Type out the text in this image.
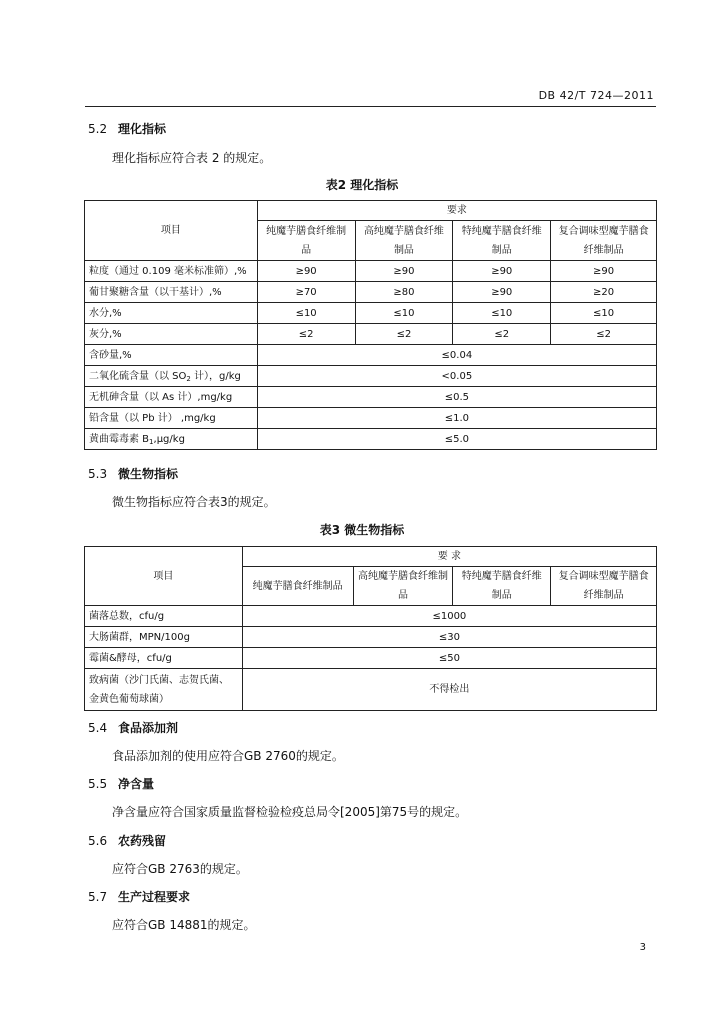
DB 42/T 724—2011
5.2 理化指标
理化指标应符合表 2 的规定。
表2 理化指标
项目	要求			
	纯魔芋膳食纤维制品	高纯魔芋膳食纤维制品	特纯魔芋膳食纤维制品	复合调味型魔芋膳食纤维制品
粒度（通过 0.109 毫米标准筛）,%	≥90	≥90	≥90	≥90
葡甘聚糖含量（以干基计）,%	≥70	≥80	≥90	≥20
水分,%	≤10	≤10	≤10	≤10
灰分,%	≤2	≤2	≤2	≤2
含砂量,%	≤0.04			
二氧化硫含量（以 $SO_2$ 计），g/kg	<0.05			
无机砷含量（以 As 计）,mg/kg	≤0.5			
铅含量（以 Pb 计） ,mg/kg	≤1.0			
黄曲霉毒素 $B_1,\mu g/kg$	≤5.0			
5.3 微生物指标
微生物指标应符合表3的规定。
表3 微生物指标
项目	要 求			
	纯魔芋膳食纤维制品	高纯魔芋膳食纤维制品	特纯魔芋膳食纤维制品	复合调味型魔芋膳食纤维制品
菌落总数，cfu/g	≤1000			
大肠菌群，MPN/100g	≤30			
霉菌&酵母，cfu/g	≤50			

致病菌（沙门氏菌、志贺氏菌、
金黄色葡萄球菌）	不得检出			
5.4 食品添加剂
食品添加剂的使用应符合GB 2760的规定。
5.5 净含量
净含量应符合国家质量监督检验检疫总局令[2005]第75号的规定。
5.6 农药残留
应符合GB 2763的规定。
5.7 生产过程要求
应符合GB 14881的规定。
3
